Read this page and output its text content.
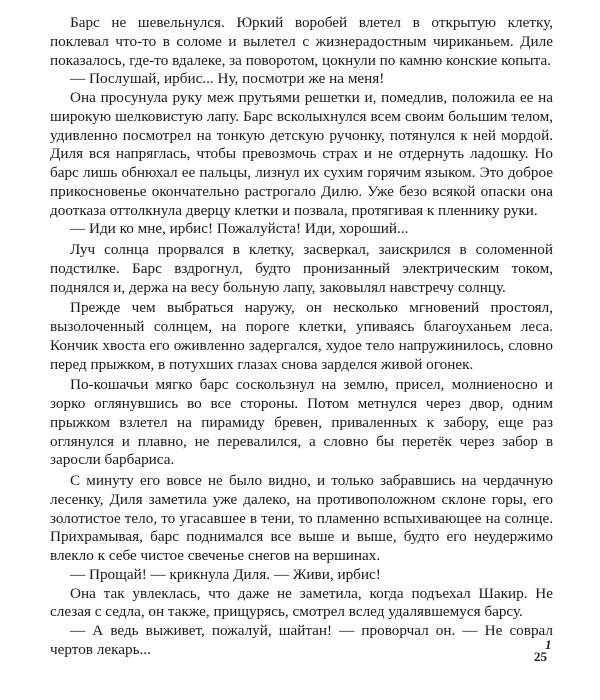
Барс не шевельнулся. Юркий воробей влетел в открытую клетку, поклевал что-то в соломе и вылетел с жизнерадостным чириканьем. Диле показалось, где-то вдалеке, за поворотом, цокнули по камню конские копыта.

— Послушай, ирбис... Ну, посмотри же на меня!

Она просунула руку меж прутьями решетки и, помедлив, положила ее на широкую шелковистую лапу. Барс всколыхнулся всем своим большим телом, удивленно посмотрел на тонкую детскую ручонку, потянулся к ней мордой. Диля вся напряглась, чтобы превозмочь страх и не отдернуть ладошку. Но барс лишь обнюхал ее пальцы, лизнул их сухим горячим языком. Это доброе прикосновенье окончательно растрогало Дилю. Уже безо всякой опаски она доотказа оттолкнула дверцу клетки и позвала, протягивая к пленнику руки.

— Иди ко мне, ирбис! Пожалуйста! Иди, хороший...

Луч солнца прорвался в клетку, засверкал, заискрился в соломенной подстилке. Барс вздрогнул, будто пронизанный электрическим током, поднялся и, держа на весу больную лапу, заковылял навстречу солнцу.

Прежде чем выбраться наружу, он несколько мгновений простоял, вызолоченный солнцем, на пороге клетки, упиваясь благоуханьем леса. Кончик хвоста его оживленно задергался, худое тело напружинилось, словно перед прыжком, в потухших глазах снова зарделся живой огонек.

По-кошачьи мягко барс соскользнул на землю, присел, молниеносно и зорко оглянувшись во все стороны. Потом метнулся через двор, одним прыжком взлетел на пирамиду бревен, приваленных к забору, еще раз оглянулся и плавно, не перевалился, а словно бы перетёк через забор в заросли барбариса.

С минуту его вовсе не было видно, и только забравшись на чердачную лесенку, Диля заметила уже далеко, на противоположном склоне горы, его золотистое тело, то угасавшее в тени, то пламенно вспыхивающее на солнце. Прихрамывая, барс поднимался все выше и выше, будто его неудержимо влекло к себе чистое свеченье снегов на вершинах.

— Прощай! — крикнула Диля. — Живи, ирбис!

Она так увлеклась, что даже не заметила, когда подъехал Шакир. Не слезая с седла, он также, прищурясь, смотрел вслед удалявшемуся барсу.

— А ведь выживет, пожалуй, шайтан! — проворчал он. — Не соврал чертов лекарь...	1
25
